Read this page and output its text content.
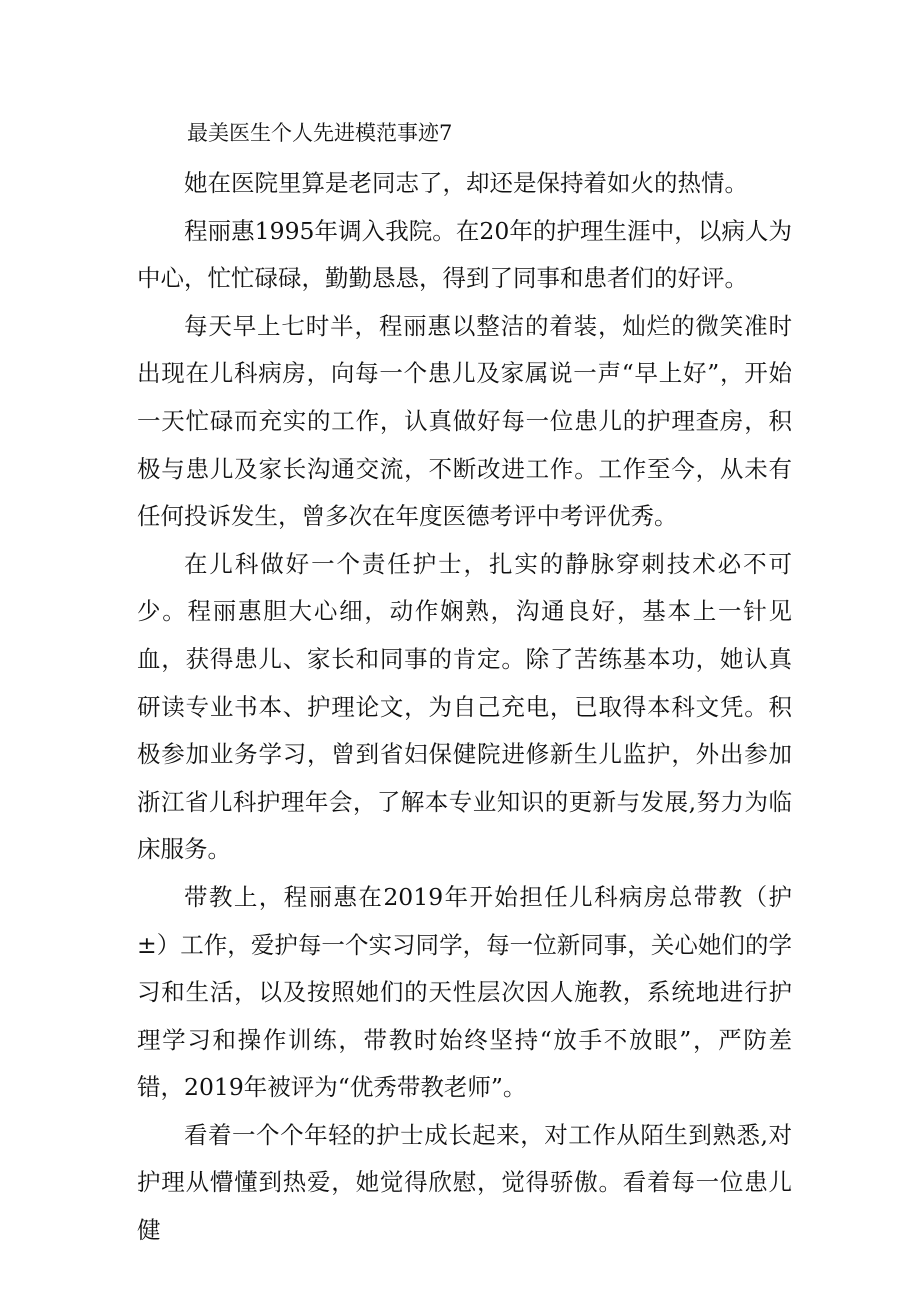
最美医生个人先进模范事迹7

她在医院里算是老同志了，却还是保持着如火的热情。

程丽惠1995年调入我院。在20年的护理生涯中，以病人为中心，忙忙碌碌，勤勤恳恳，得到了同事和患者们的好评。

每天早上七时半，程丽惠以整洁的着装，灿烂的微笑准时出现在儿科病房，向每一个患儿及家属说一声“早上好”，开始一天忙碌而充实的工作，认真做好每一位患儿的护理查房，积极与患儿及家长沟通交流，不断改进工作。工作至今，从未有任何投诉发生，曾多次在年度医德考评中考评优秀。

在儿科做好一个责任护士，扎实的静脉穿刺技术必不可少。程丽惠胆大心细，动作娴熟，沟通良好，基本上一针见血，获得患儿、家长和同事的肯定。除了苦练基本功，她认真研读专业书本、护理论文，为自己充电，已取得本科文凭。积极参加业务学习，曾到省妇保健院进修新生儿监护，外出参加浙江省儿科护理年会，了解本专业知识的更新与发展,努力为临床服务。

带教上，程丽惠在2019年开始担任儿科病房总带教（护±）工作，爱护每一个实习同学，每一位新同事，关心她们的学习和生活，以及按照她们的天性层次因人施教，系统地进行护理学习和操作训练，带教时始终坚持“放手不放眼”，严防差错，2019年被评为“优秀带教老师”。

看着一个个年轻的护士成长起来，对工作从陌生到熟悉,对护理从懵懂到热爱，她觉得欣慰，觉得骄傲。看着每一位患儿健
